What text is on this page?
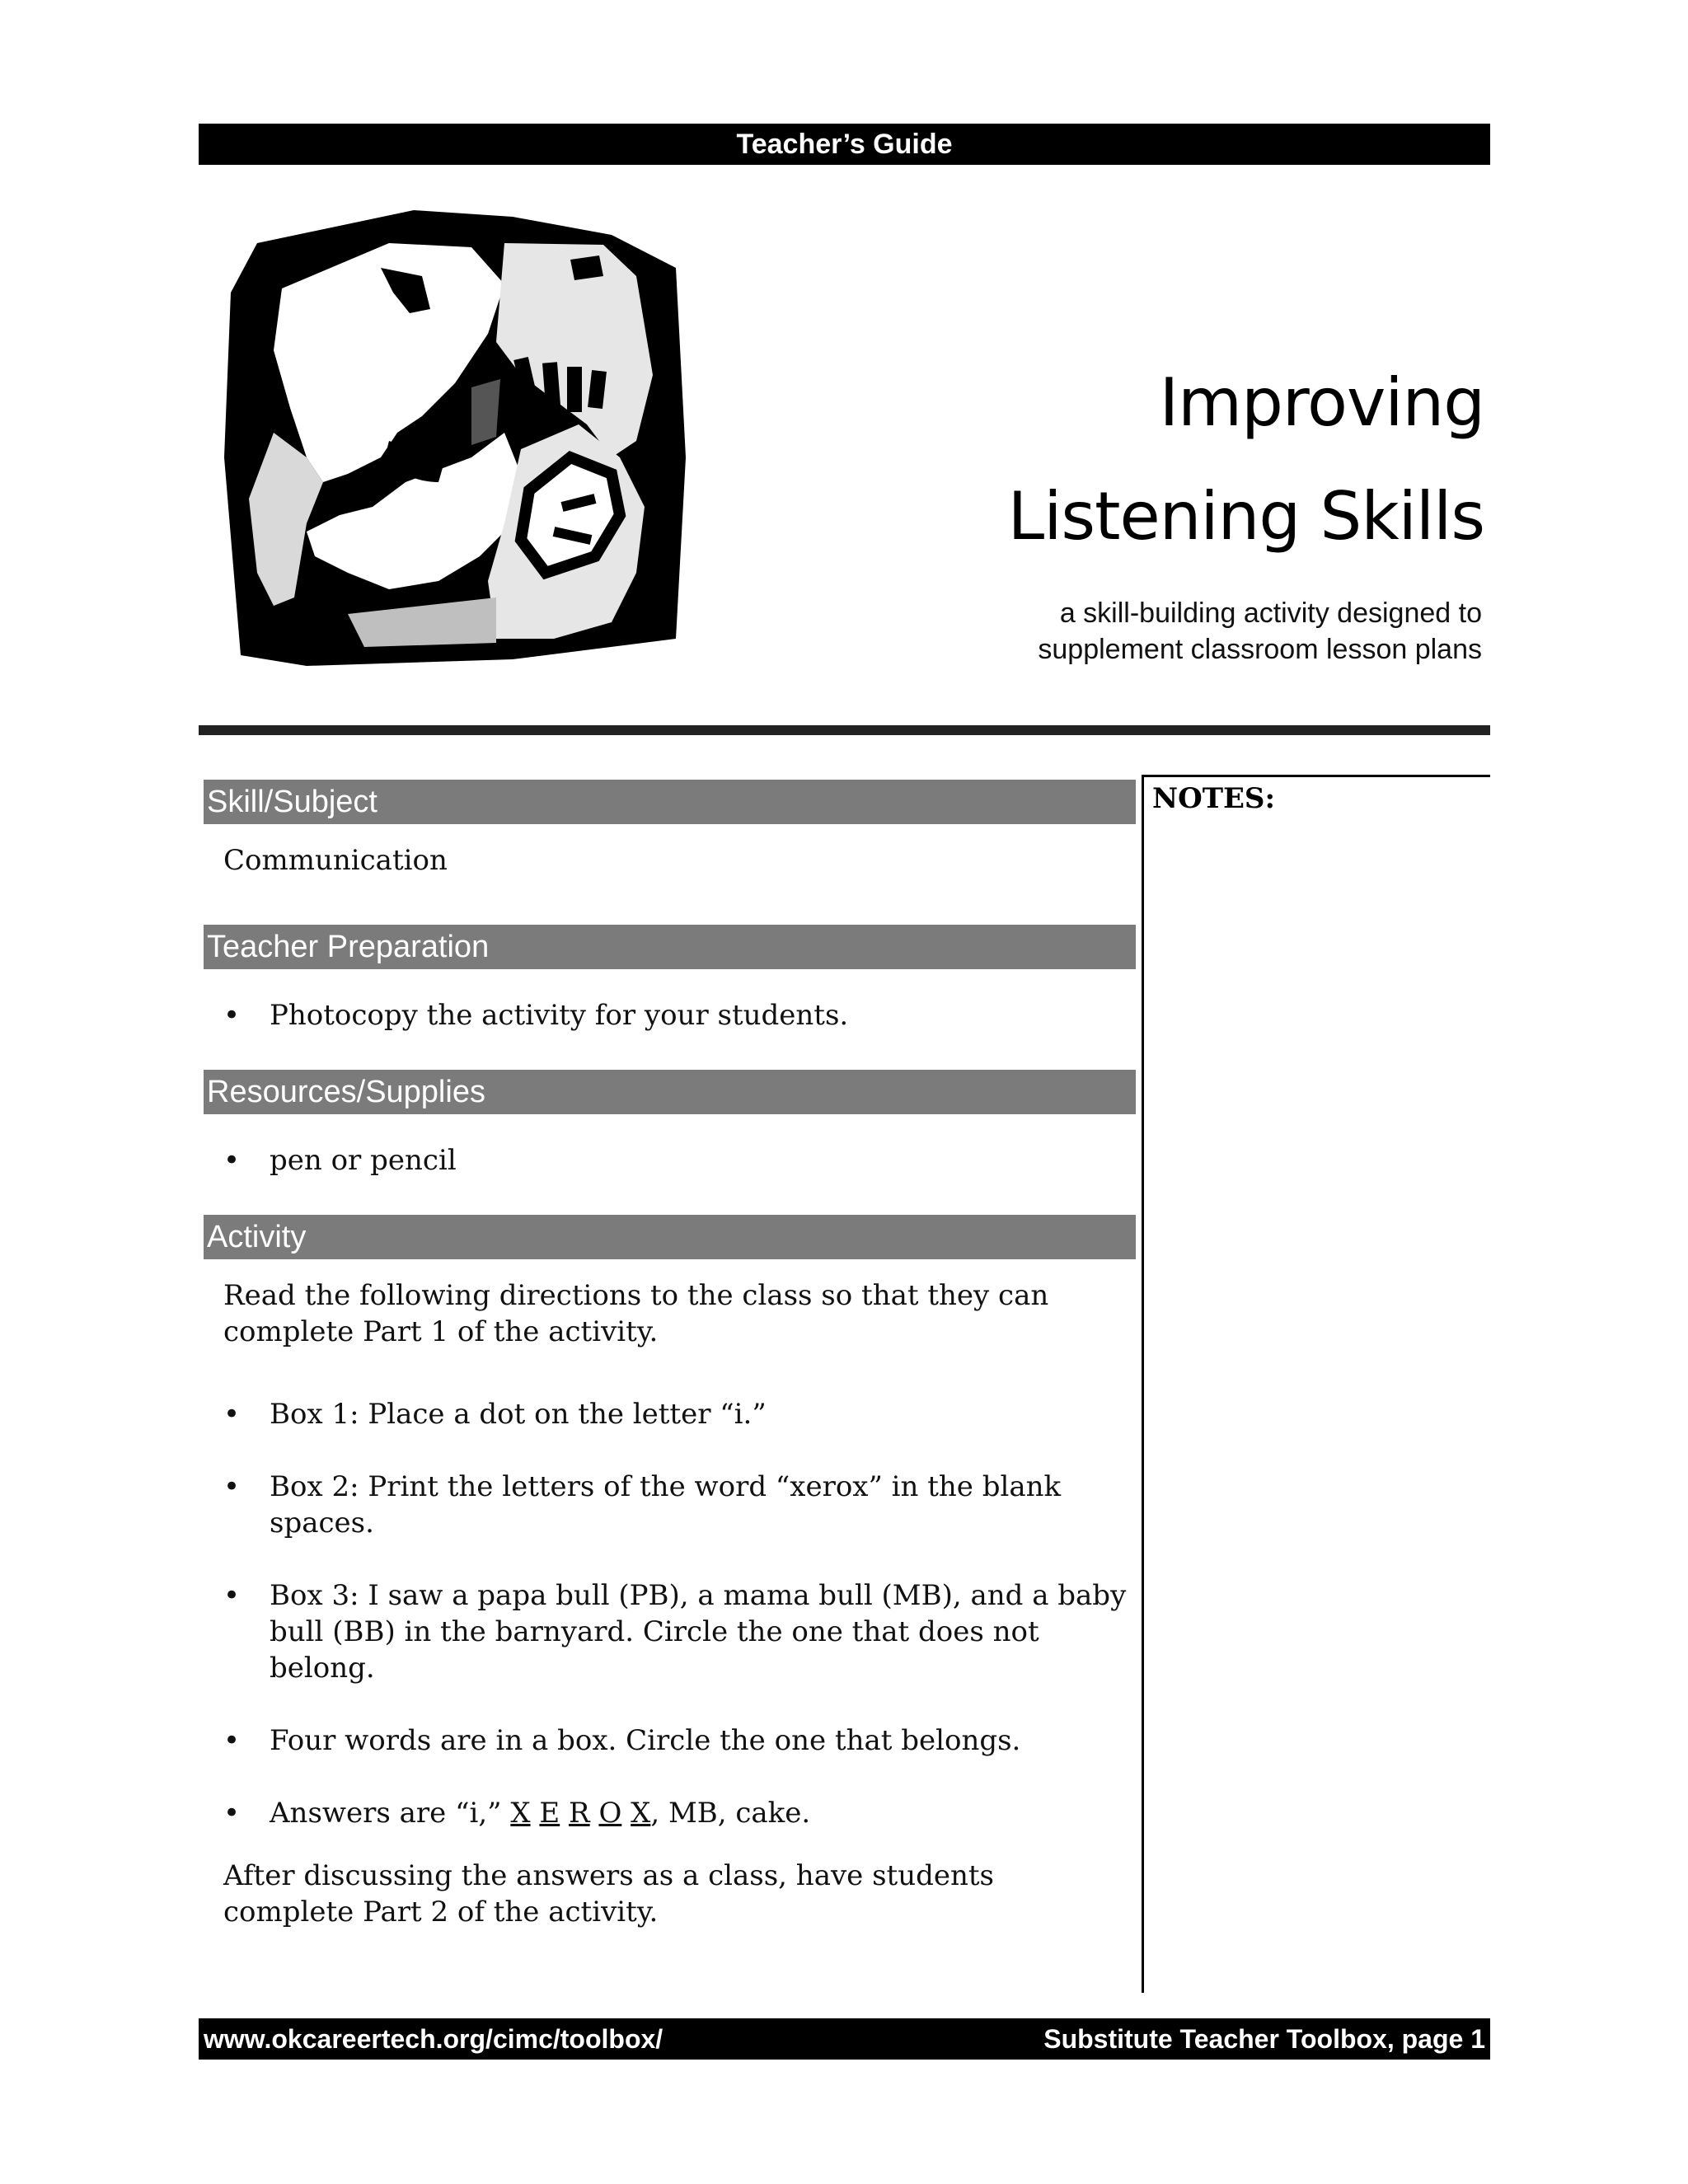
Teacher’s Guide
Improving
Listening Skills
a skill-building activity designed to
supplement classroom lesson plans
NOTES:
Skill/Subject
Communication
Teacher Preparation
•	Photocopy the activity for your students.
Resources/Supplies
•	pen or pencil
Activity
Read the following directions to the class so that they can complete Part 1 of the activity.
•	Box 1: Place a dot on the letter “i.”
•	Box 2: Print the letters of the word “xerox” in the blank spaces.
•	Box 3: I saw a papa bull (PB), a mama bull (MB), and a baby bull (BB) in the barnyard. Circle the one that does not belong.
•	Four words are in a box. Circle the one that belongs.
•	Answers are “i,” X E R O X, MB, cake.
After discussing the answers as a class, have students complete Part 2 of the activity.
www.okcareertech.org/cimc/toolbox/	Substitute Teacher Toolbox, page 1
